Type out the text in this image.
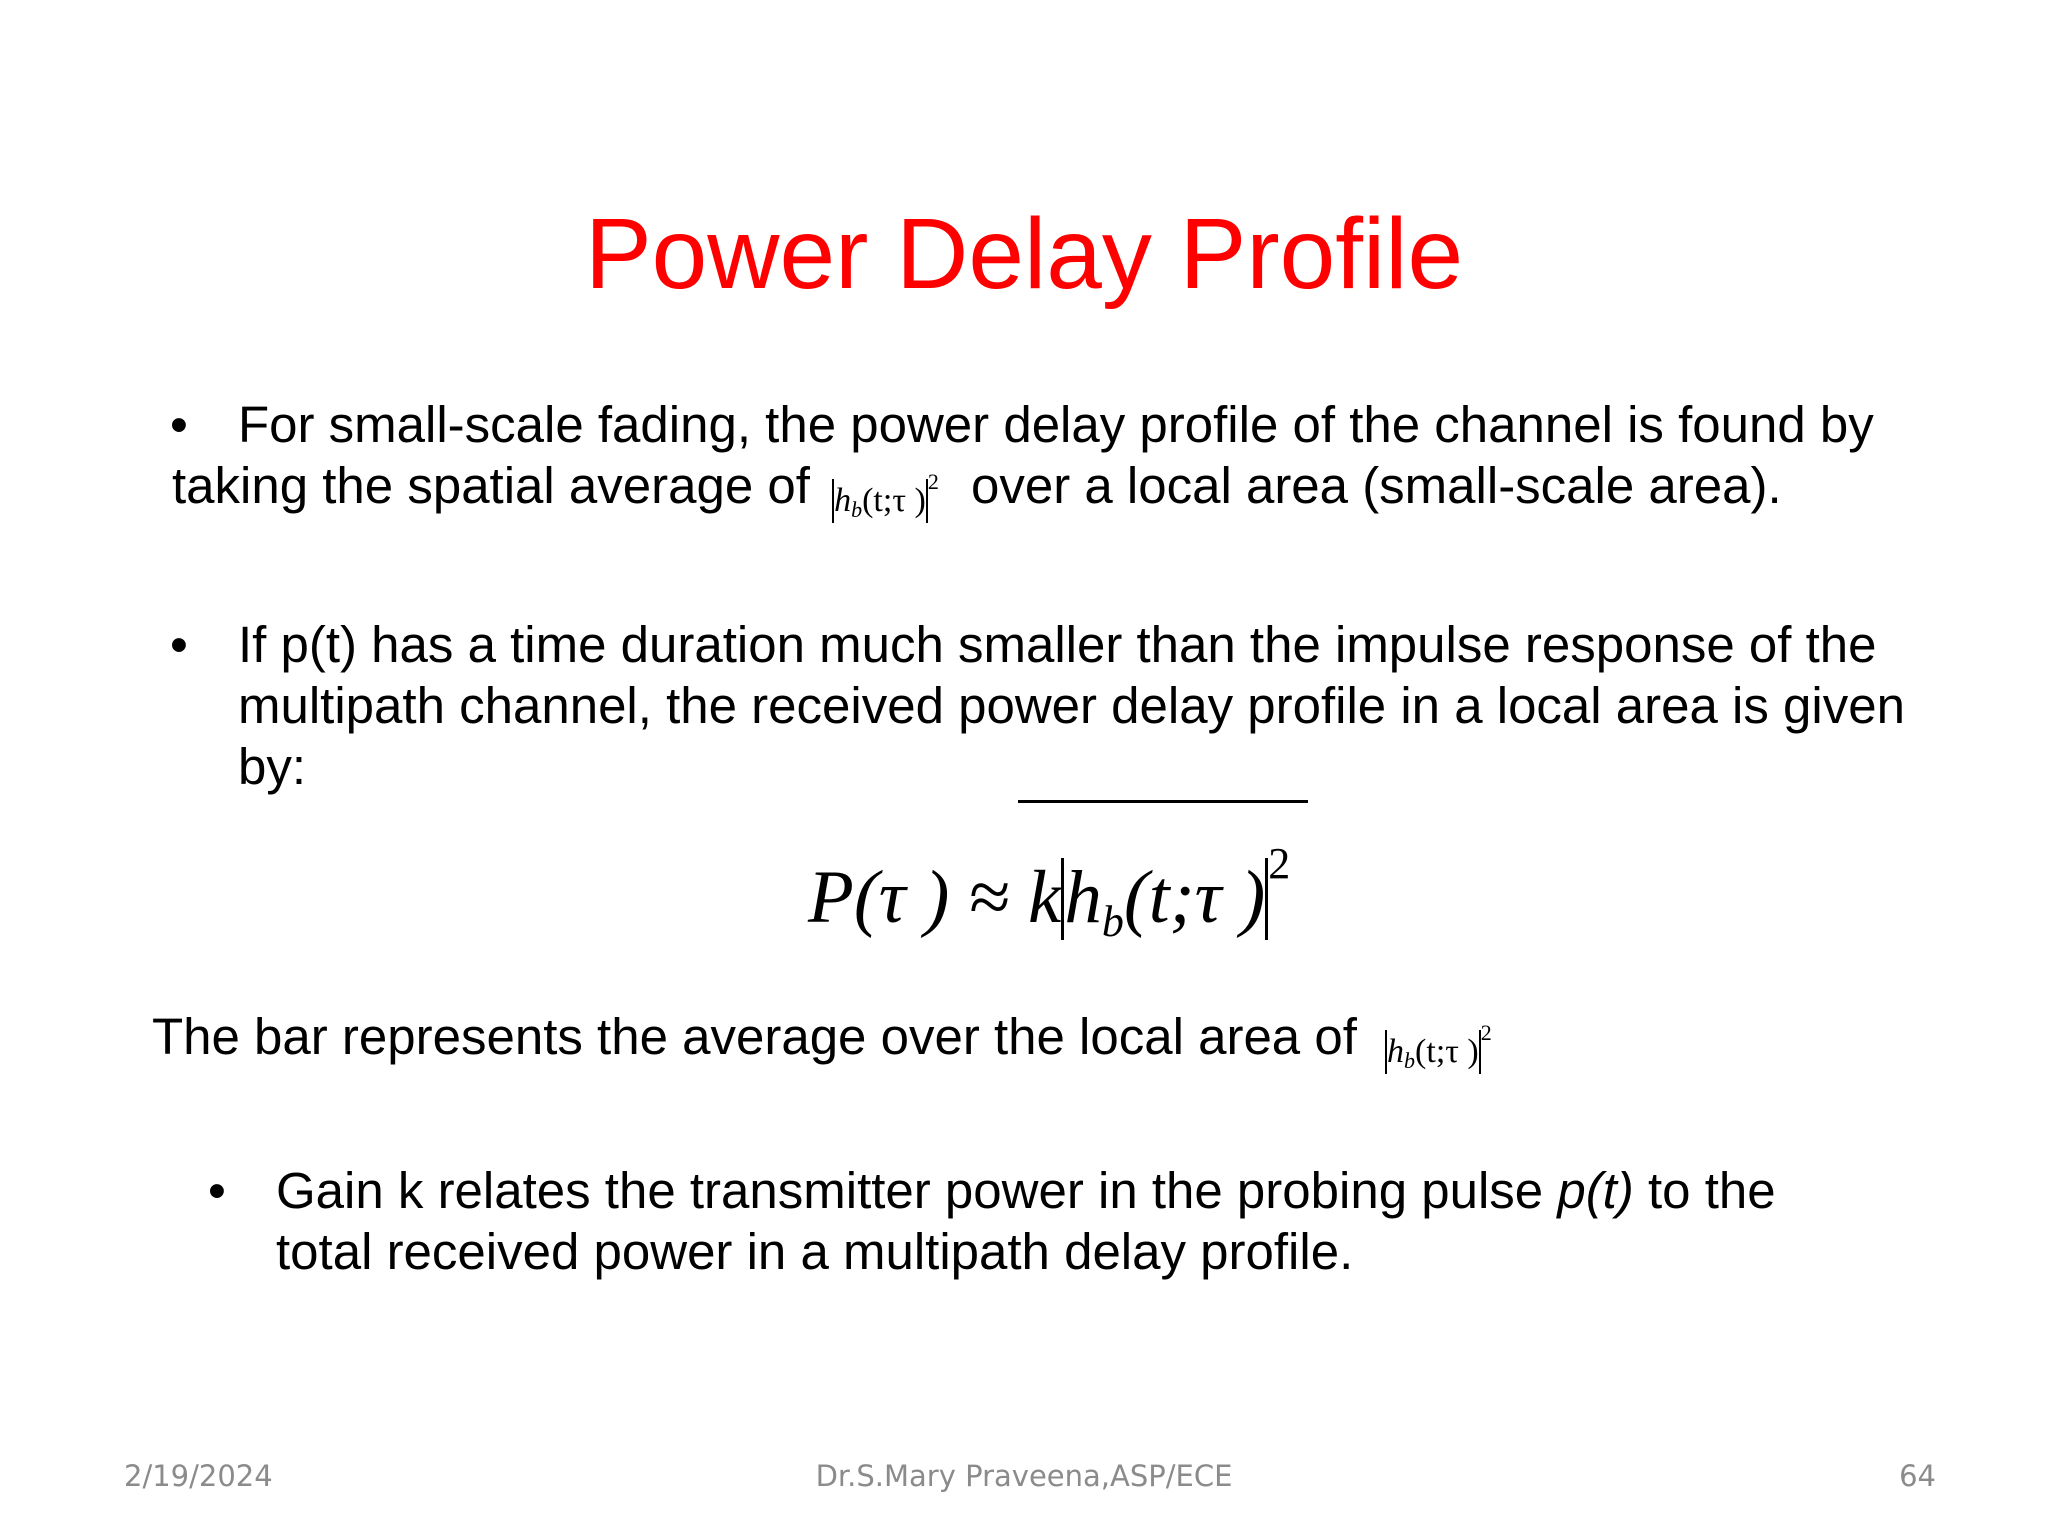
Power Delay Profile
• For small-scale fading, the power delay profile of the channel is found by
taking the spatial average of $h_b(t;\tau$ )$^2$ over a local area (small-scale area).
• If p(t) has a time duration much smaller than the impulse response of the
multipath channel, the received power delay profile in a local area is given
by:
P(τ ) ≈ $kh_b(t;\tau$ )$^2$
The bar represents the average over the local area of $h_b(t;\tau$ )$^2$
• Gain k relates the transmitter power in the probing pulse p(t) to the
total received power in a multipath delay profile.
2/19/2024	Dr.S.Mary Praveena,ASP/ECE	64
